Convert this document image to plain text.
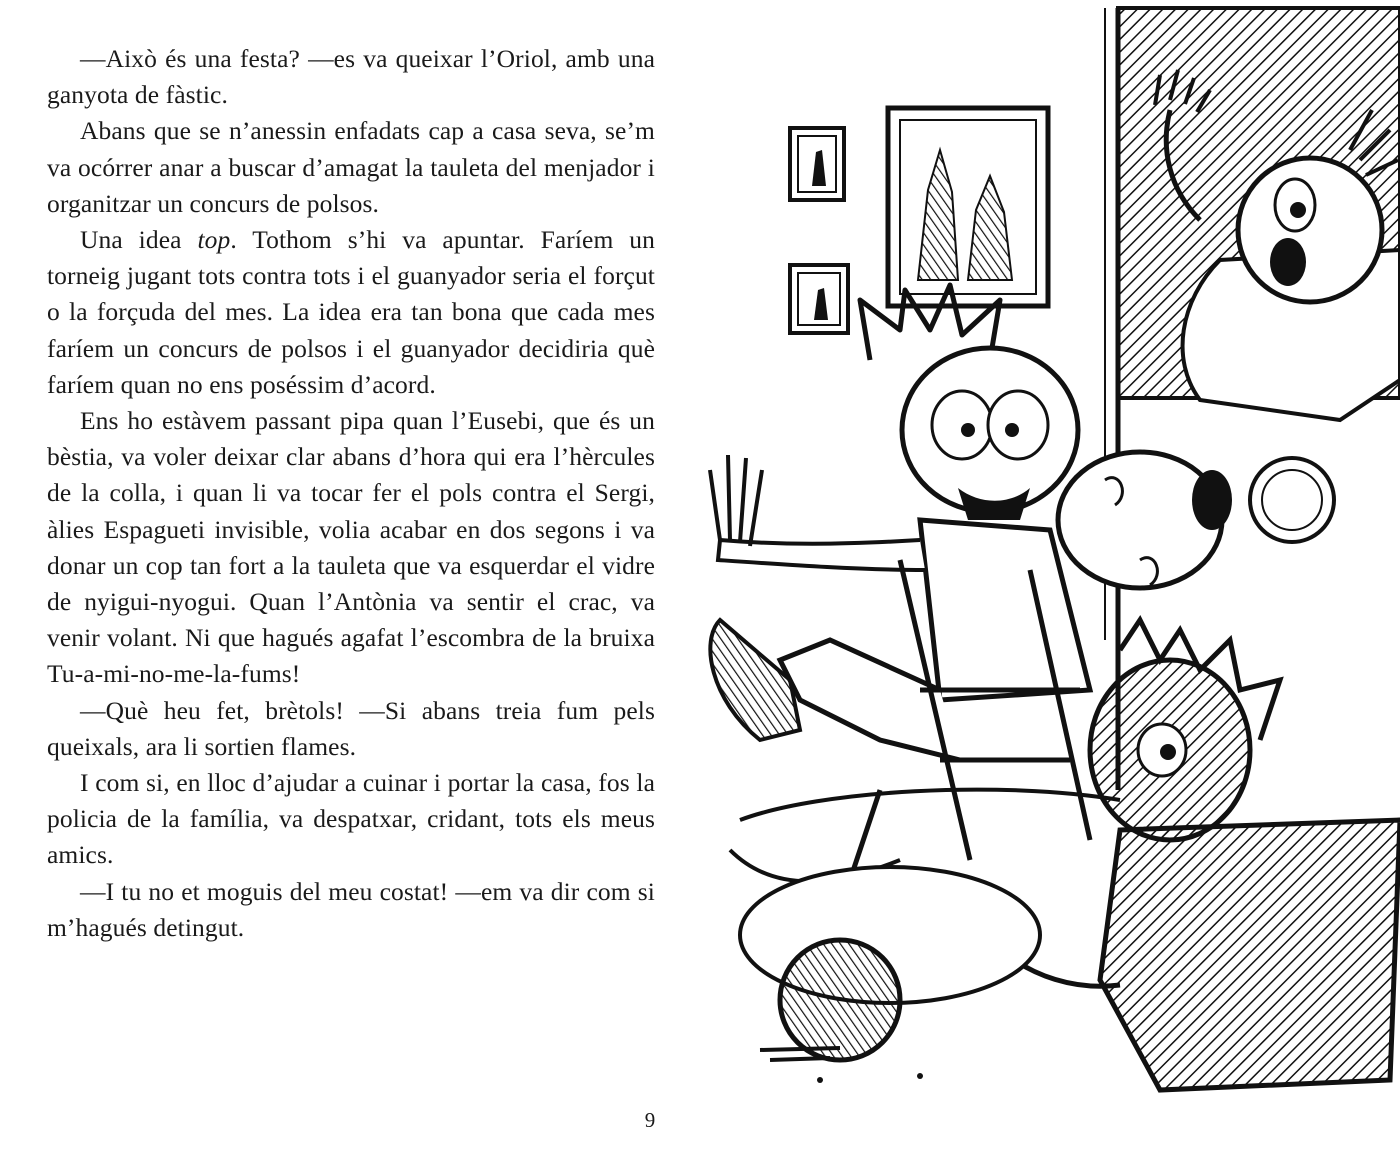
—Això és una festa? —es va queixar l’Oriol, amb una ganyota de fàstic.

Abans que se n’anessin enfadats cap a casa seva, se’m va ocórrer anar a buscar d’amagat la tauleta del menjador i organitzar un concurs de polsos.

Una idea top. Tothom s’hi va apuntar. Faríem un torneig jugant tots contra tots i el guanyador seria el forçut o la forçuda del mes. La idea era tan bona que cada mes faríem un concurs de polsos i el guanyador decidiria què faríem quan no ens poséssim d’acord.

Ens ho estàvem passant pipa quan l’Eusebi, que és un bèstia, va voler deixar clar abans d’hora qui era l’hèrcules de la colla, i quan li va tocar fer el pols contra el Sergi, àlies Espagueti invisible, volia acabar en dos segons i va donar un cop tan fort a la tauleta que va esquerdar el vidre de nyigui-nyogui. Quan l’Antònia va sentir el crac, va venir volant. Ni que hagués agafat l’escombra de la bruixa Tu-a-mi-no-me-la-fums!

—Què heu fet, brètols! —Si abans treia fum pels queixals, ara li sortien flames.

I com si, en lloc d’ajudar a cuinar i portar la casa, fos la policia de la família, va despatxar, cridant, tots els meus amics.

—I tu no et moguis del meu costat! —em va dir com si m’hagués detingut.

9
